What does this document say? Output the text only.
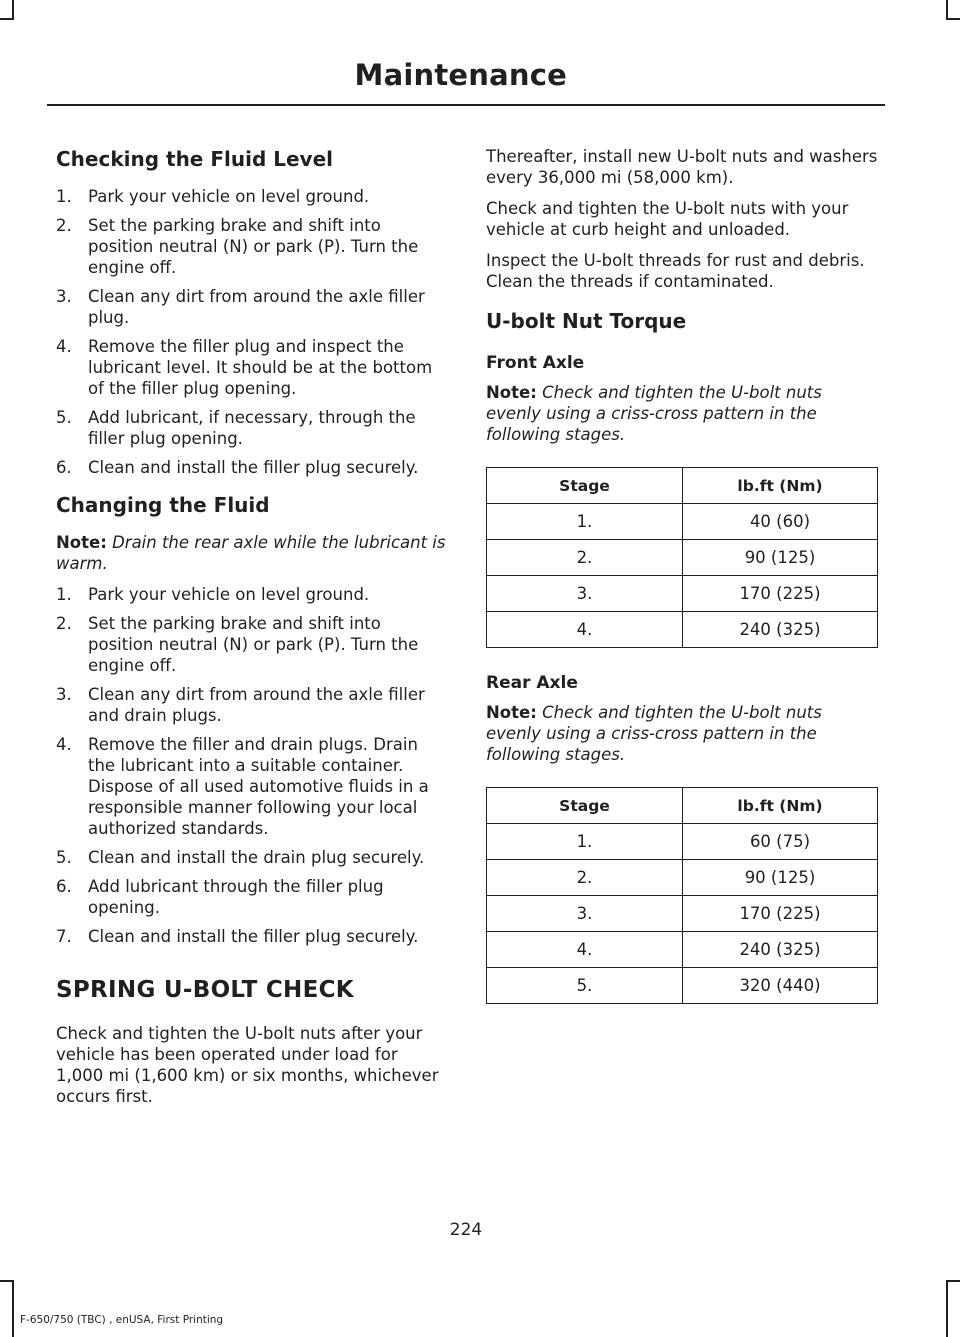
Maintenance
Checking the Fluid Level
1. Park your vehicle on level ground.
2. Set the parking brake and shift into position neutral (N) or park (P). Turn the engine off.
3. Clean any dirt from around the axle filler plug.
4. Remove the filler plug and inspect the lubricant level. It should be at the bottom of the filler plug opening.
5. Add lubricant, if necessary, through the filler plug opening.
6. Clean and install the filler plug securely.
Changing the Fluid

Note: Drain the rear axle while the lubricant is warm.

1. Park your vehicle on level ground.
2. Set the parking brake and shift into position neutral (N) or park (P). Turn the engine off.
3. Clean any dirt from around the axle filler and drain plugs.
4. Remove the filler and drain plugs. Drain the lubricant into a suitable container. Dispose of all used automotive fluids in a responsible manner following your local authorized standards.
5. Clean and install the drain plug securely.
6. Add lubricant through the filler plug opening.
7. Clean and install the filler plug securely.
SPRING U-BOLT CHECK

Check and tighten the U-bolt nuts after your vehicle has been operated under load for 1,000 mi (1,600 km) or six months, whichever occurs first.

Thereafter, install new U-bolt nuts and washers every 36,000 mi (58,000 km).

Check and tighten the U-bolt nuts with your vehicle at curb height and unloaded.

Inspect the U-bolt threads for rust and debris. Clean the threads if contaminated.

U-bolt Nut Torque
Front Axle

Note: Check and tighten the U-bolt nuts evenly using a criss-cross pattern in the following stages.

Stage	lb.ft (Nm)
1.	40 (60)
2.	90 (125)
3.	170 (225)
4.	240 (325)
Rear Axle

Note: Check and tighten the U-bolt nuts evenly using a criss-cross pattern in the following stages.

Stage	lb.ft (Nm)
1.	60 (75)
2.	90 (125)
3.	170 (225)
4.	240 (325)
5.	320 (440)
224
F-650/750 (TBC) , enUSA, First Printing
